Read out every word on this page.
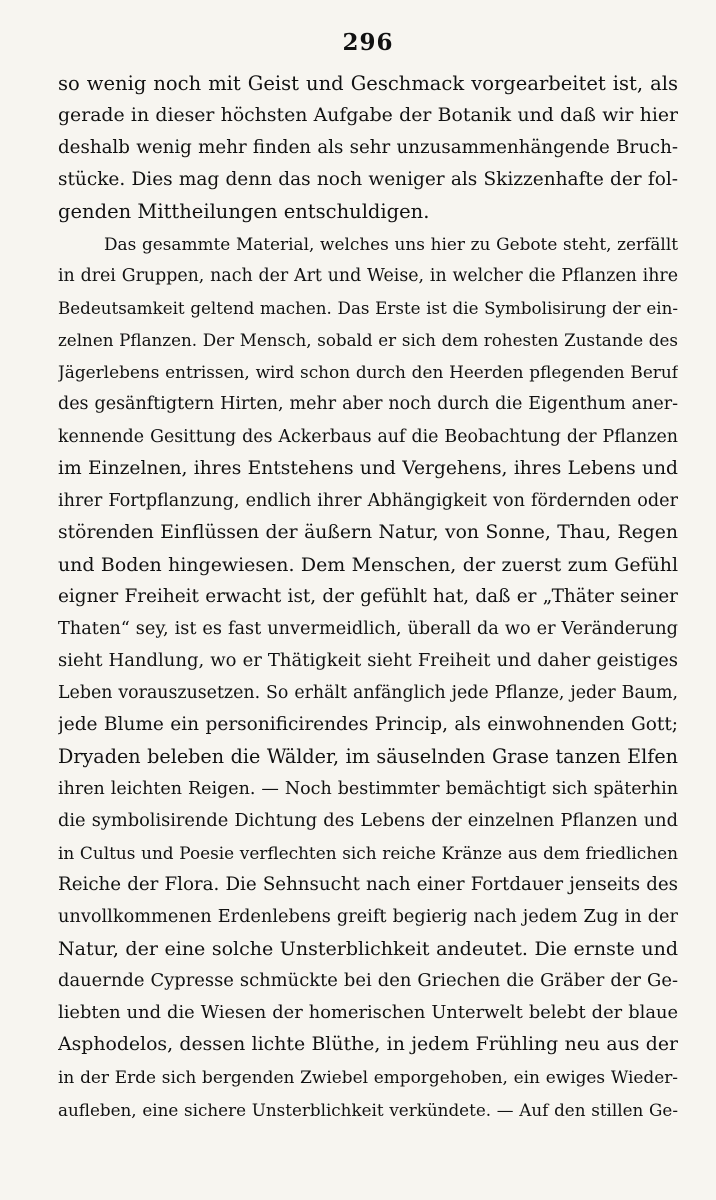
296
so wenig noch mit Geist und Geschmack vorgearbeitet ist, als
gerade in dieser höchsten Aufgabe der Botanik und daß wir hier
deshalb wenig mehr finden als sehr unzusammenhängende Bruch-
stücke. Dies mag denn das noch weniger als Skizzenhafte der fol-
genden Mittheilungen entschuldigen.
Das gesammte Material, welches uns hier zu Gebote steht, zerfällt
in drei Gruppen, nach der Art und Weise, in welcher die Pflanzen ihre
Bedeutsamkeit geltend machen. Das Erste ist die Symbolisirung der ein-
zelnen Pflanzen. Der Mensch, sobald er sich dem rohesten Zustande des
Jägerlebens entrissen, wird schon durch den Heerden pflegenden Beruf
des gesänftigtern Hirten, mehr aber noch durch die Eigenthum aner-
kennende Gesittung des Ackerbaus auf die Beobachtung der Pflanzen
im Einzelnen, ihres Entstehens und Vergehens, ihres Lebens und
ihrer Fortpflanzung, endlich ihrer Abhängigkeit von fördernden oder
störenden Einflüssen der äußern Natur, von Sonne, Thau, Regen
und Boden hingewiesen. Dem Menschen, der zuerst zum Gefühl
eigner Freiheit erwacht ist, der gefühlt hat, daß er „Thäter seiner
Thaten“ sey, ist es fast unvermeidlich, überall da wo er Veränderung
sieht Handlung, wo er Thätigkeit sieht Freiheit und daher geistiges
Leben vorauszusetzen. So erhält anfänglich jede Pflanze, jeder Baum,
jede Blume ein personificirendes Princip, als einwohnenden Gott;
Dryaden beleben die Wälder, im säuselnden Grase tanzen Elfen
ihren leichten Reigen. — Noch bestimmter bemächtigt sich späterhin
die symbolisirende Dichtung des Lebens der einzelnen Pflanzen und
in Cultus und Poesie verflechten sich reiche Kränze aus dem friedlichen
Reiche der Flora. Die Sehnsucht nach einer Fortdauer jenseits des
unvollkommenen Erdenlebens greift begierig nach jedem Zug in der
Natur, der eine solche Unsterblichkeit andeutet. Die ernste und
dauernde Cypresse schmückte bei den Griechen die Gräber der Ge-
liebten und die Wiesen der homerischen Unterwelt belebt der blaue
Asphodelos, dessen lichte Blüthe, in jedem Frühling neu aus der
in der Erde sich bergenden Zwiebel emporgehoben, ein ewiges Wieder-
aufleben, eine sichere Unsterblichkeit verkündete. — Auf den stillen Ge-
